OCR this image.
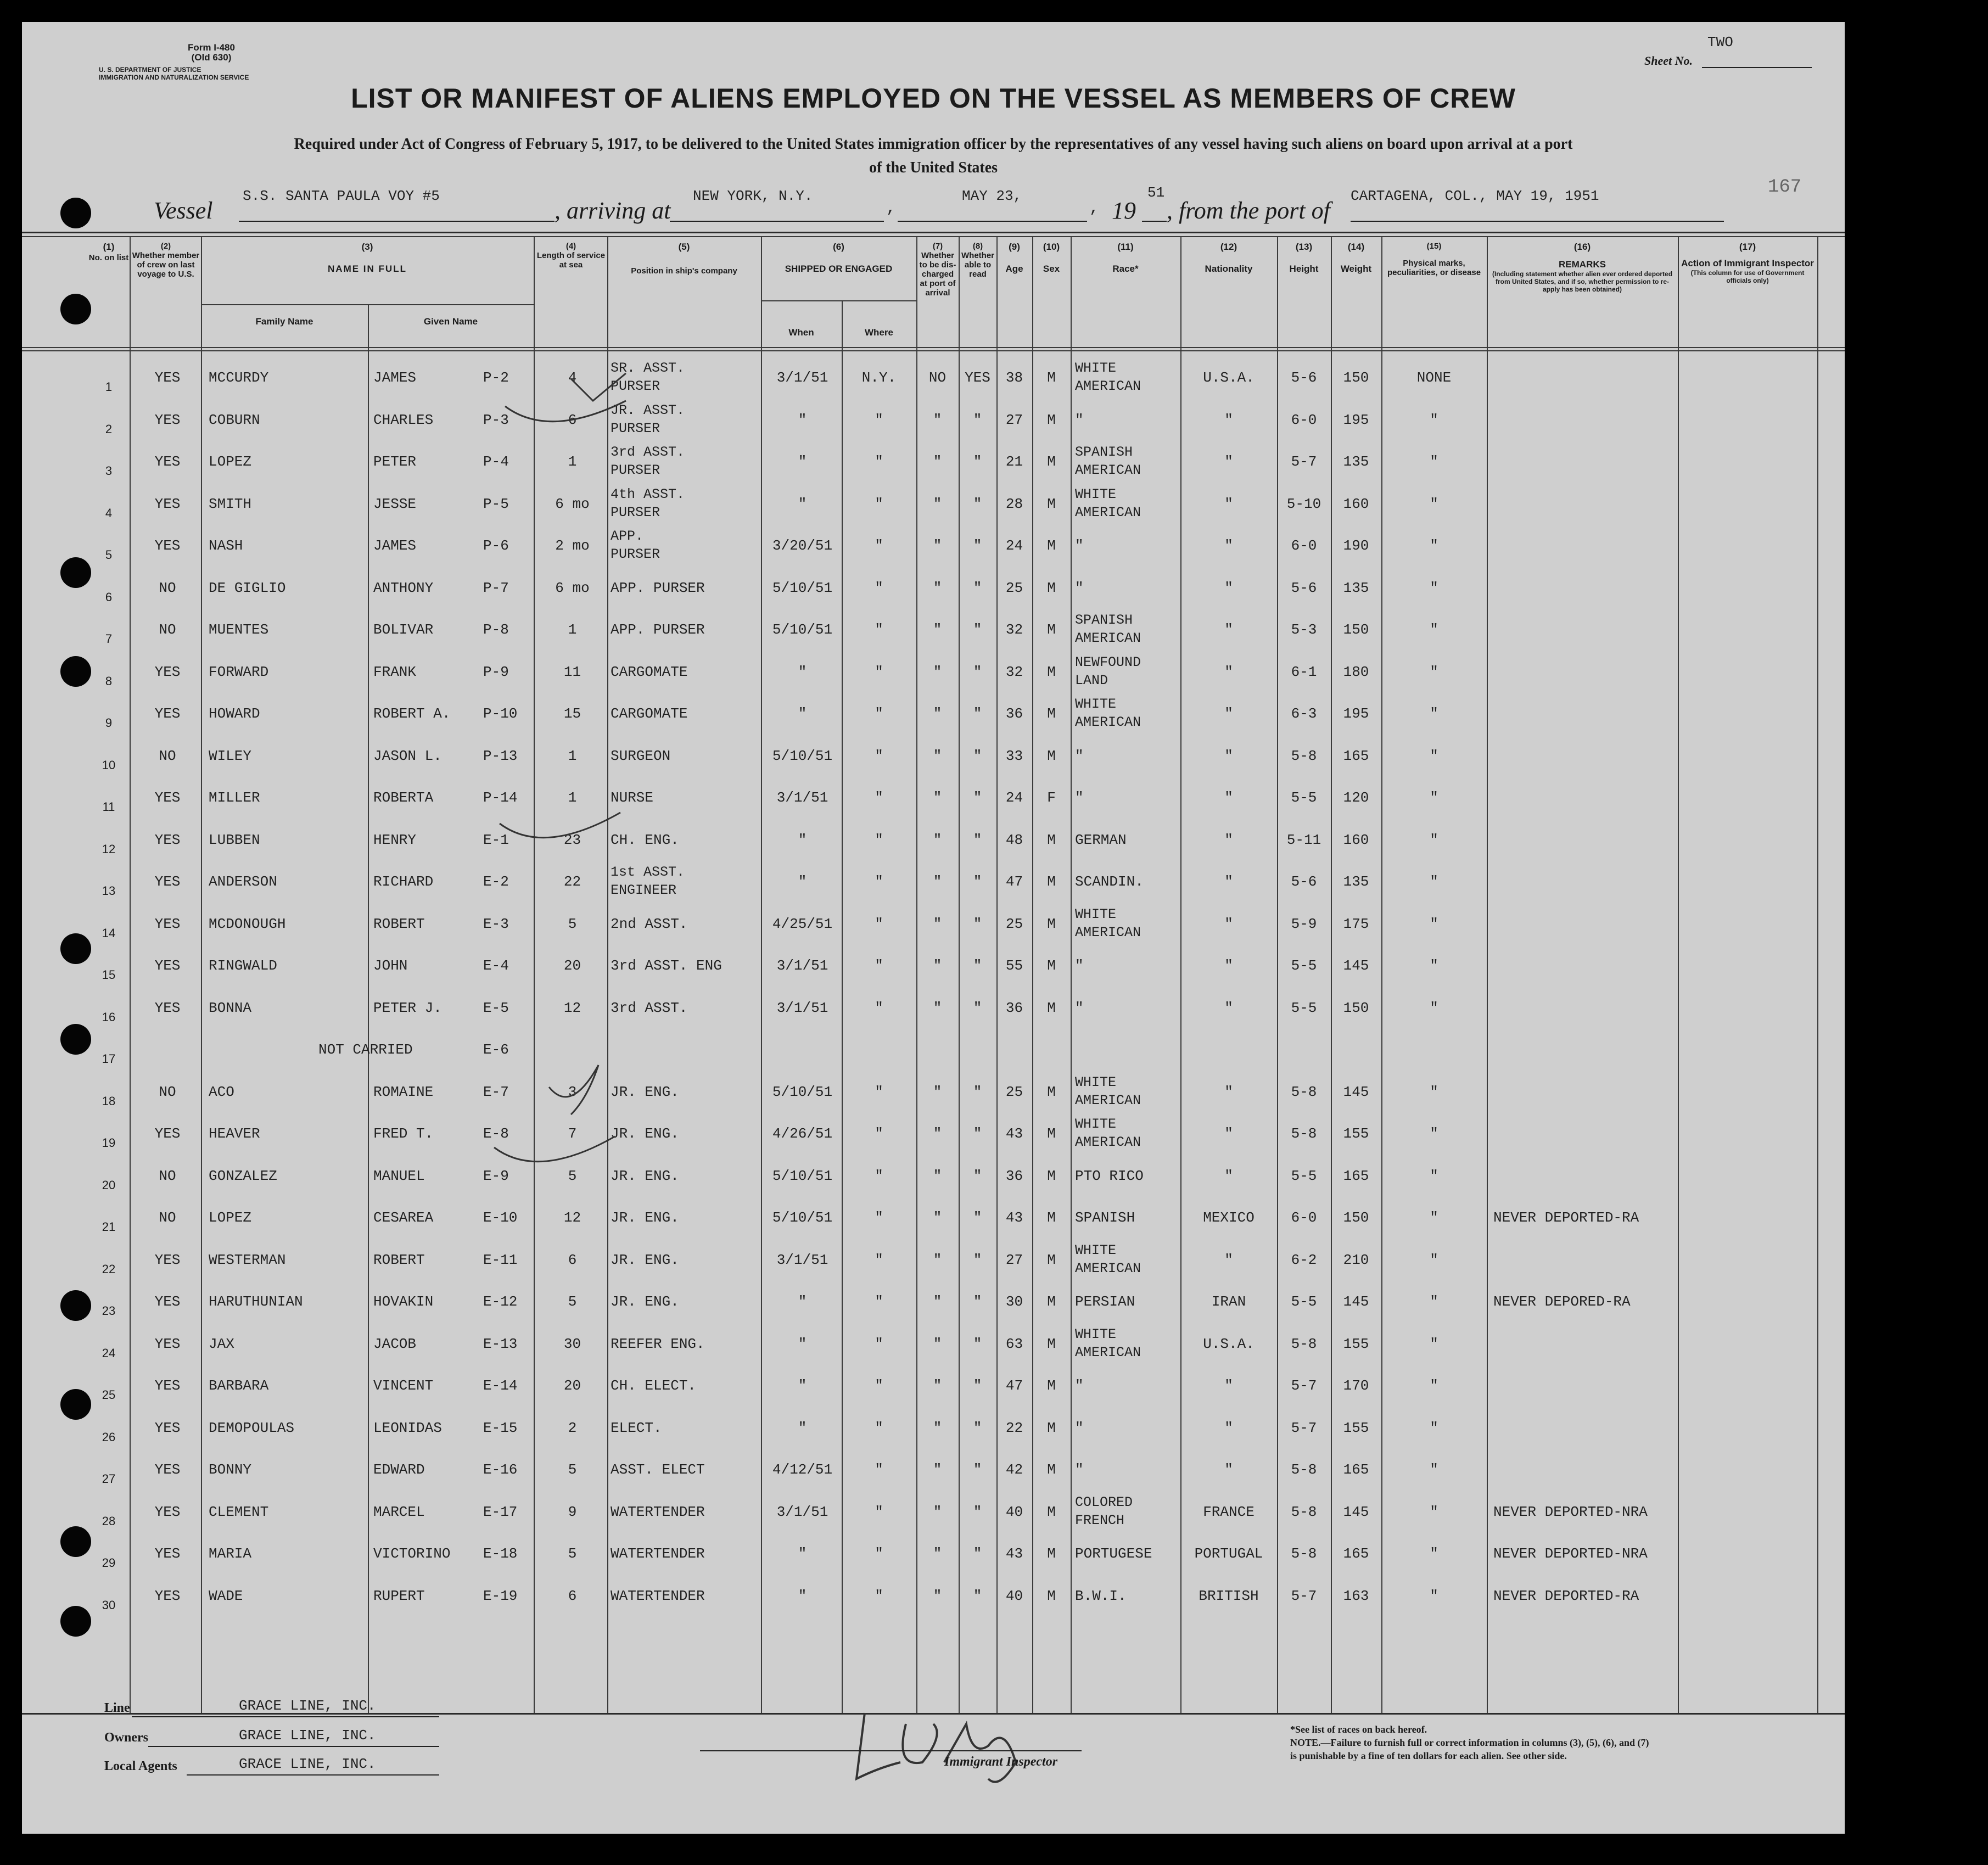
Form I-480
(Old 630)
U. S. DEPARTMENT OF JUSTICE
IMMIGRATION AND NATURALIZATION SERVICE
TWO
Sheet No.
167
LIST OR MANIFEST OF ALIENS EMPLOYED ON THE VESSEL AS MEMBERS OF CREW
Required under Act of Congress of February 5, 1917, to be delivered to the United States immigration officer by the representatives of any vessel having such aliens on board upon arrival at a port
of the United States
Vessel
S.S. SANTA PAULA VOY #5
, arriving at
NEW YORK, N.Y.
,
MAY 23,
, 19
51
, from the port of
CARTAGENA, COL., MAY 19, 1951
(1)
No. on list
(2)
Whether member of crew on last voyage to U.S.
(3)
NAME IN FULL
Family Name	Given Name
(4)
Length of service at sea
(5)
Position in ship's company
(6)
SHIPPED OR ENGAGED
When	Where
(7)
Whether to be dis-charged at port of arrival
(8)
Whether able to read
(9)
Age
(10)
Sex
(11)
Race*
(12)
Nationality
(13)
Height
(14)
Weight
(15)
Physical marks, peculiarities, or disease
(16)
REMARKS
(Including statement whether alien ever ordered deported from United States, and if so, whether permission to re-apply has been obtained)
(17)
Action of Immigrant Inspector
(This column for use of Government officials only)
1
YES	MCCURDY	JAMES	P-2	4
SR. ASST.
PURSER
3/1/51	N.Y.	NO	YES	38	M
WHITE
AMERICAN
U.S.A.	5-6	150	NONE
2
YES	COBURN	CHARLES	P-3	6
JR. ASST.
PURSER
"	"	"	"	27	M	"	"	6-0	195	"
3
YES	LOPEZ	PETER	P-4	1
3rd ASST.
PURSER
"	"	"	"	21	M
SPANISH
AMERICAN
"	5-7	135	"
4
YES	SMITH	JESSE	P-5	6 mo
4th ASST.
PURSER
"	"	"	"	28	M
WHITE
AMERICAN
"	5-10	160	"
5
YES	NASH	JAMES	P-6	2 mo
APP.
PURSER
3/20/51	"	"	"	24	M	"	"	6-0	190	"
6
NO	DE GIGLIO	ANTHONY	P-7	6 mo	APP. PURSER	5/10/51	"	"	"	25	M	"	"	5-6	135	"
7
NO	MUENTES	BOLIVAR	P-8	1	APP. PURSER	5/10/51	"	"	"	32	M
SPANISH
AMERICAN
"	5-3	150	"
8
YES	FORWARD	FRANK	P-9	11	CARGOMATE	"	"	"	"	32	M
NEWFOUND
LAND
"	6-1	180	"
9
YES	HOWARD	ROBERT A.	P-10	15	CARGOMATE	"	"	"	"	36	M
WHITE
AMERICAN
"	6-3	195	"
10
NO	WILEY	JASON L.	P-13	1	SURGEON	5/10/51	"	"	"	33	M	"	"	5-8	165	"
11
YES	MILLER	ROBERTA	P-14	1	NURSE	3/1/51	"	"	"	24	F	"	"	5-5	120	"
12
YES	LUBBEN	HENRY	E-1	23	CH. ENG.	"	"	"	"	48	M	GERMAN	"	5-11	160	"
13
YES	ANDERSON	RICHARD	E-2	22
1st ASST.
ENGINEER
"	"	"	"	47	M	SCANDIN.	"	5-6	135	"
14
YES	MCDONOUGH	ROBERT	E-3	5	2nd ASST.	4/25/51	"	"	"	25	M
WHITE
AMERICAN
"	5-9	175	"
15
YES	RINGWALD	JOHN	E-4	20	3rd ASST. ENG	3/1/51	"	"	"	55	M	"	"	5-5	145	"
16
YES	BONNA	PETER J.	E-5	12	3rd ASST.	3/1/51	"	"	"	36	M	"	"	5-5	150	"
17
NOT CARRIED	E-6
18
NO	ACO	ROMAINE	E-7	3	JR. ENG.	5/10/51	"	"	"	25	M
WHITE
AMERICAN
"	5-8	145	"
19
YES	HEAVER	FRED T.	E-8	7	JR. ENG.	4/26/51	"	"	"	43	M
WHITE
AMERICAN
"	5-8	155	"
20
NO	GONZALEZ	MANUEL	E-9	5	JR. ENG.	5/10/51	"	"	"	36	M	PTO RICO	"	5-5	165	"
21
NO	LOPEZ	CESAREA	E-10	12	JR. ENG.	5/10/51	"	"	"	43	M	SPANISH	MEXICO	6-0	150	"	NEVER DEPORTED-RA
22
YES	WESTERMAN	ROBERT	E-11	6	JR. ENG.	3/1/51	"	"	"	27	M
WHITE
AMERICAN
"	6-2	210	"
23
YES	HARUTHUNIAN	HOVAKIN	E-12	5	JR. ENG.	"	"	"	"	30	M	PERSIAN	IRAN	5-5	145	"	NEVER DEPORED-RA
24
YES	JAX	JACOB	E-13	30	REEFER ENG.	"	"	"	"	63	M
WHITE
AMERICAN
U.S.A.	5-8	155	"
25
YES	BARBARA	VINCENT	E-14	20	CH. ELECT.	"	"	"	"	47	M	"	"	5-7	170	"
26
YES	DEMOPOULAS	LEONIDAS	E-15	2	ELECT.	"	"	"	"	22	M	"	"	5-7	155	"
27
YES	BONNY	EDWARD	E-16	5	ASST. ELECT	4/12/51	"	"	"	42	M	"	"	5-8	165	"
28
YES	CLEMENT	MARCEL	E-17	9	WATERTENDER	3/1/51	"	"	"	40	M
COLORED
FRENCH
FRANCE	5-8	145	"	NEVER DEPORTED-NRA
29
YES	MARIA	VICTORINO	E-18	5	WATERTENDER	"	"	"	"	43	M	PORTUGESE	PORTUGAL	5-8	165	"	NEVER DEPORTED-NRA
30
YES	WADE	RUPERT	E-19	6	WATERTENDER	"	"	"	"	40	M	B.W.I.	BRITISH	5-7	163	"	NEVER DEPORTED-RA
Line	GRACE LINE, INC.
Owners	GRACE LINE, INC.
Local Agents	GRACE LINE, INC.	Immigrant Inspector
*See list of races on back hereof.
NOTE.—Failure to furnish full or correct information in columns (3), (5), (6), and (7)
is punishable by a fine of ten dollars for each alien. See other side.
